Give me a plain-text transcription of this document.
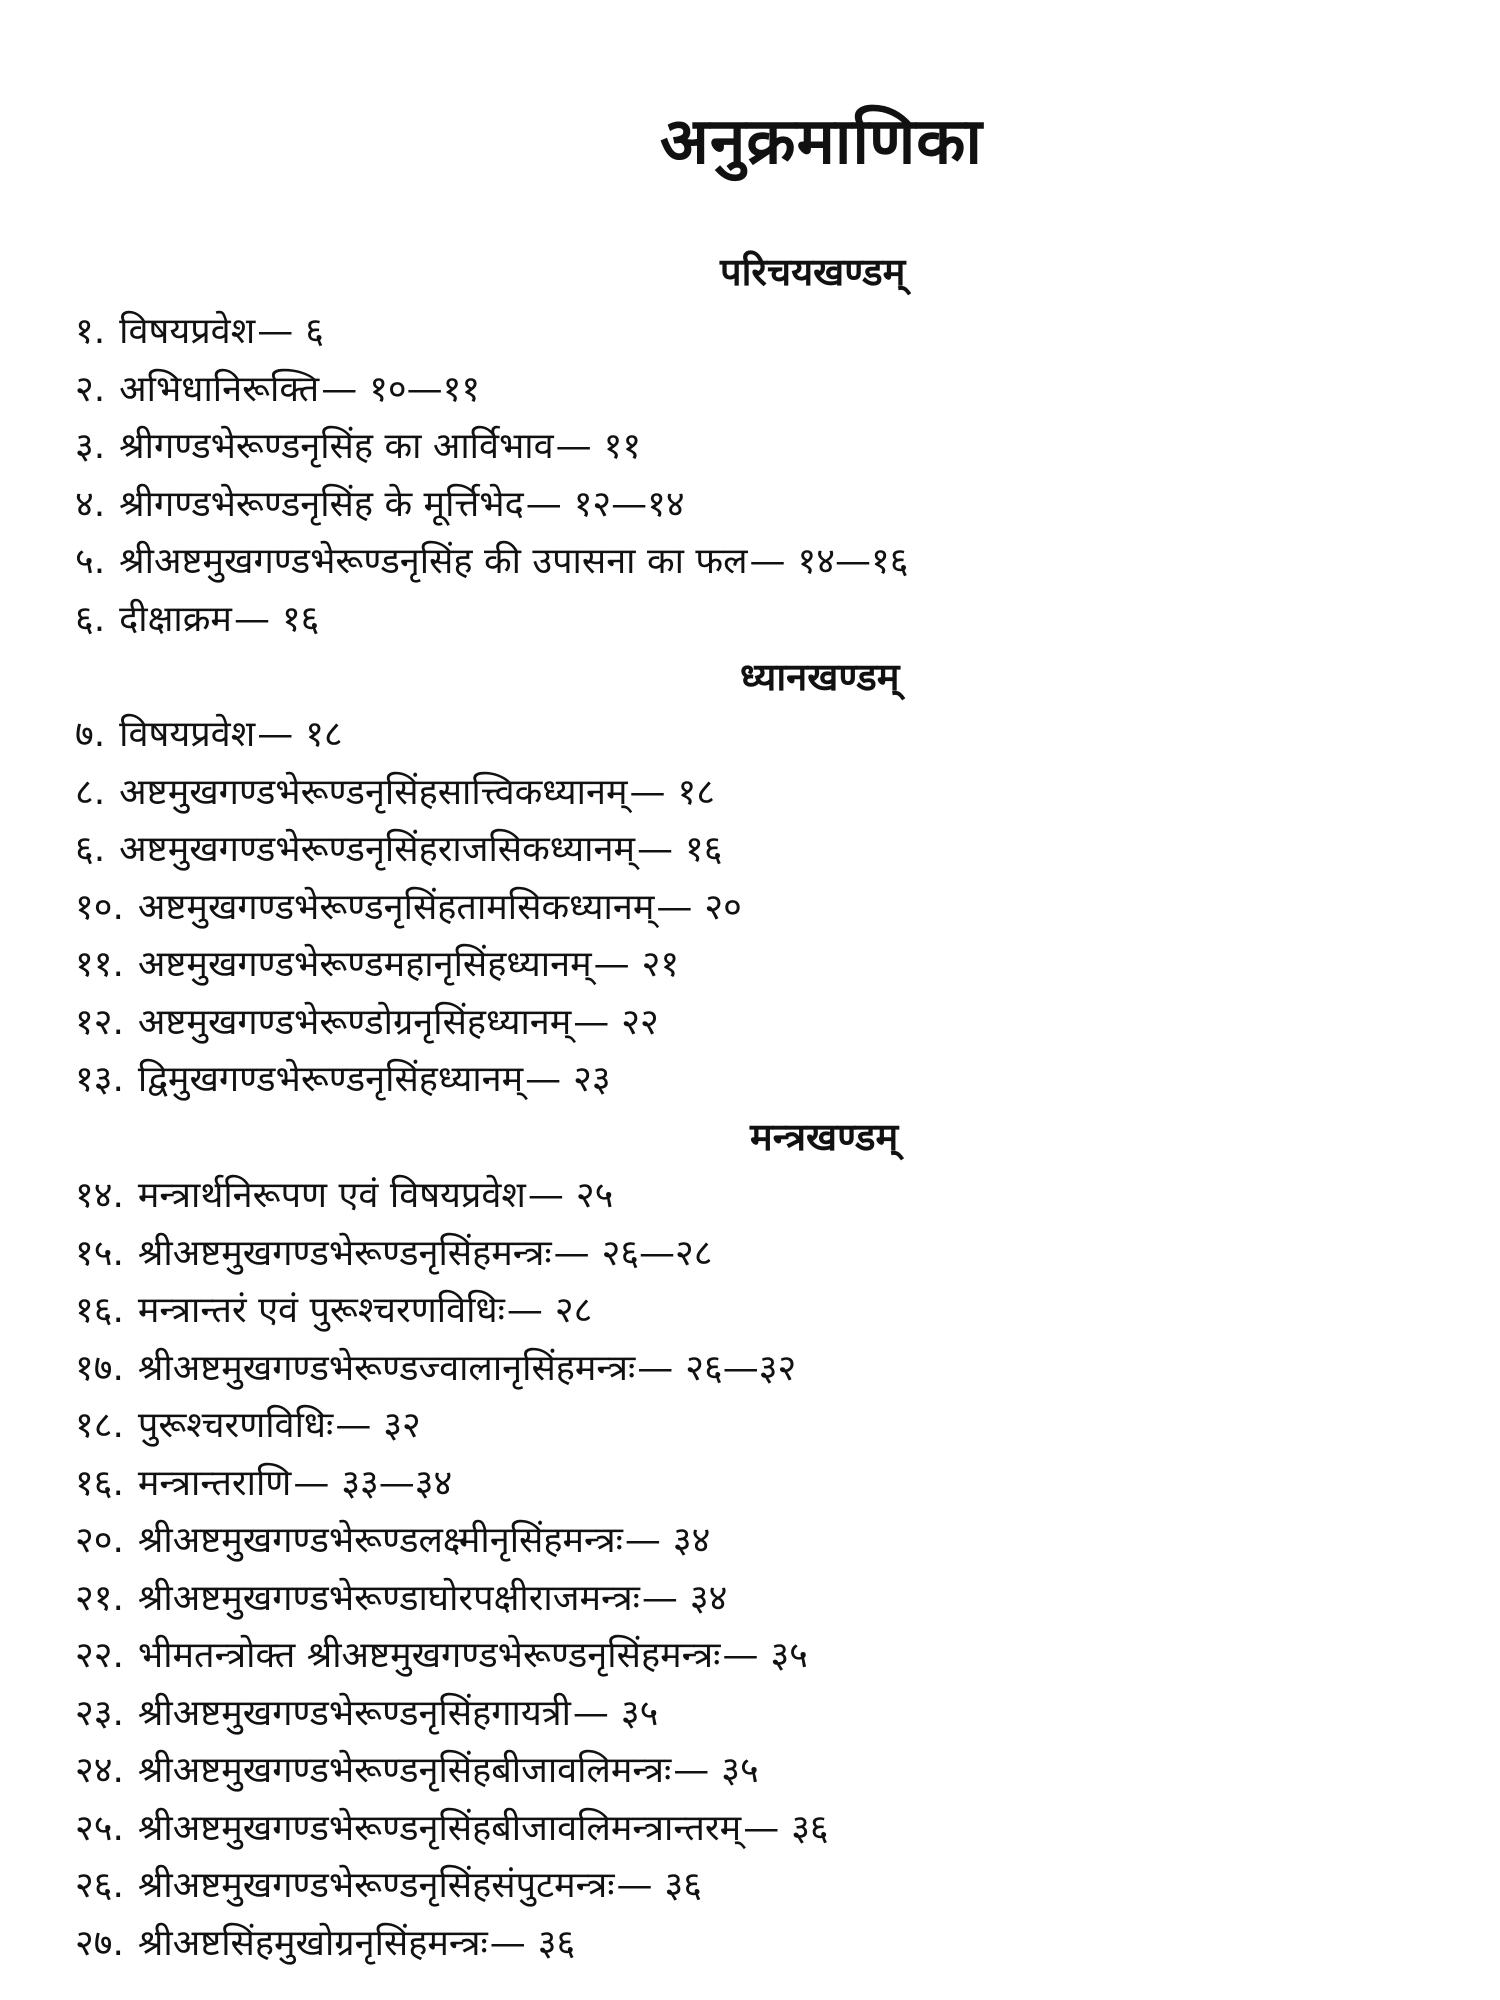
अनुक्रमाणिका
परिचयखण्डम्
१. विषयप्रवेश— ६
२. अभिधानिरूक्ति— १०—११
३. श्रीगण्डभेरूण्डनृसिंह का आर्विभाव— ११
४. श्रीगण्डभेरूण्डनृसिंह के मूर्त्तिभेद— १२—१४
५. श्रीअष्टमुखगण्डभेरूण्डनृसिंह की उपासना का फल— १४—१६
६. दीक्षाक्रम— १६
ध्यानखण्डम्
७. विषयप्रवेश— १८
८. अष्टमुखगण्डभेरूण्डनृसिंहसात्त्विकध्यानम्— १८
६. अष्टमुखगण्डभेरूण्डनृसिंहराजसिकध्यानम्— १६
१०. अष्टमुखगण्डभेरूण्डनृसिंहतामसिकध्यानम्— २०
११. अष्टमुखगण्डभेरूण्डमहानृसिंहध्यानम्— २१
१२. अष्टमुखगण्डभेरूण्डोग्रनृसिंहध्यानम्— २२
१३. द्विमुखगण्डभेरूण्डनृसिंहध्यानम्— २३
मन्त्रखण्डम्
१४. मन्त्रार्थनिरूपण एवं विषयप्रवेश— २५
१५. श्रीअष्टमुखगण्डभेरूण्डनृसिंहमन्त्रः— २६—२८
१६. मन्त्रान्तरं एवं पुरूश्चरणविधिः— २८
१७. श्रीअष्टमुखगण्डभेरूण्डज्वालानृसिंहमन्त्रः— २६—३२
१८. पुरूश्चरणविधिः— ३२
१६. मन्त्रान्तराणि— ३३—३४
२०. श्रीअष्टमुखगण्डभेरूण्डलक्ष्मीनृसिंहमन्त्रः— ३४
२१. श्रीअष्टमुखगण्डभेरूण्डाघोरपक्षीराजमन्त्रः— ३४
२२. भीमतन्त्रोक्त श्रीअष्टमुखगण्डभेरूण्डनृसिंहमन्त्रः— ३५
२३. श्रीअष्टमुखगण्डभेरूण्डनृसिंहगायत्री— ३५
२४. श्रीअष्टमुखगण्डभेरूण्डनृसिंहबीजावलिमन्त्रः— ३५
२५. श्रीअष्टमुखगण्डभेरूण्डनृसिंहबीजावलिमन्त्रान्तरम्— ३६
२६. श्रीअष्टमुखगण्डभेरूण्डनृसिंहसंपुटमन्त्रः— ३६
२७. श्रीअष्टसिंहमुखोग्रनृसिंहमन्त्रः— ३६
